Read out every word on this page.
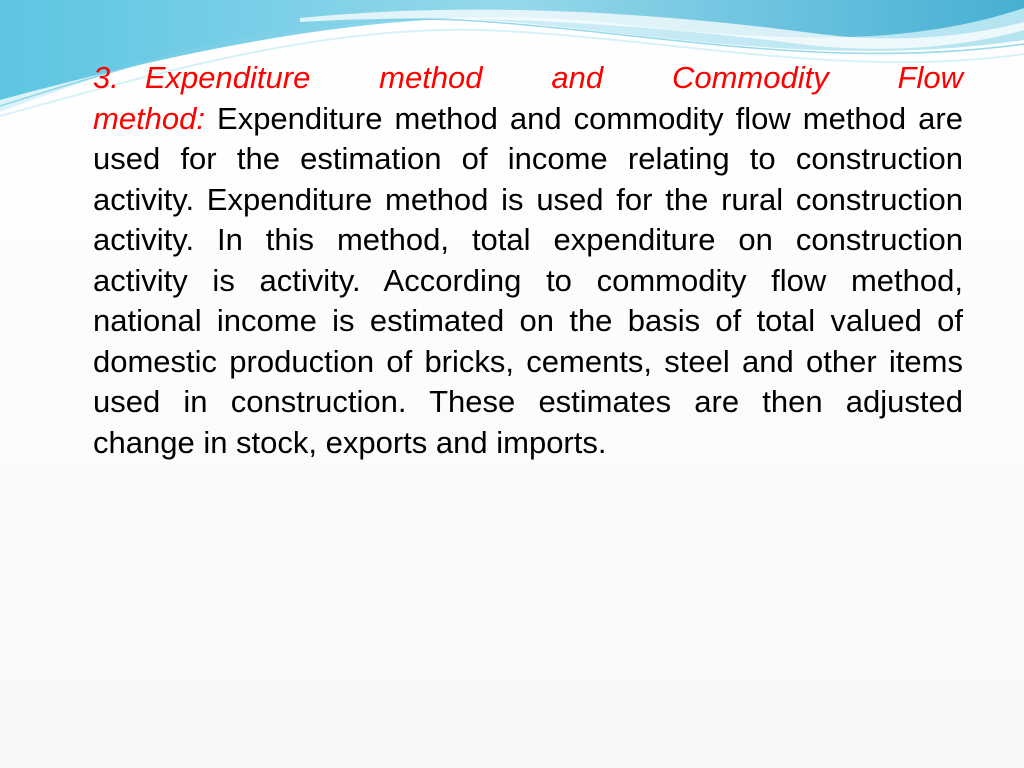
3. Expenditure method and Commodity Flow method: Expenditure method and commodity flow method are used for the estimation of income relating to construction activity. Expenditure method is used for the rural construction activity. In this method, total expenditure on construction activity is activity. According to commodity flow method, national income is estimated on the basis of total valued of domestic production of bricks, cements, steel and other items used in construction. These estimates are then adjusted change in stock, exports and imports.
